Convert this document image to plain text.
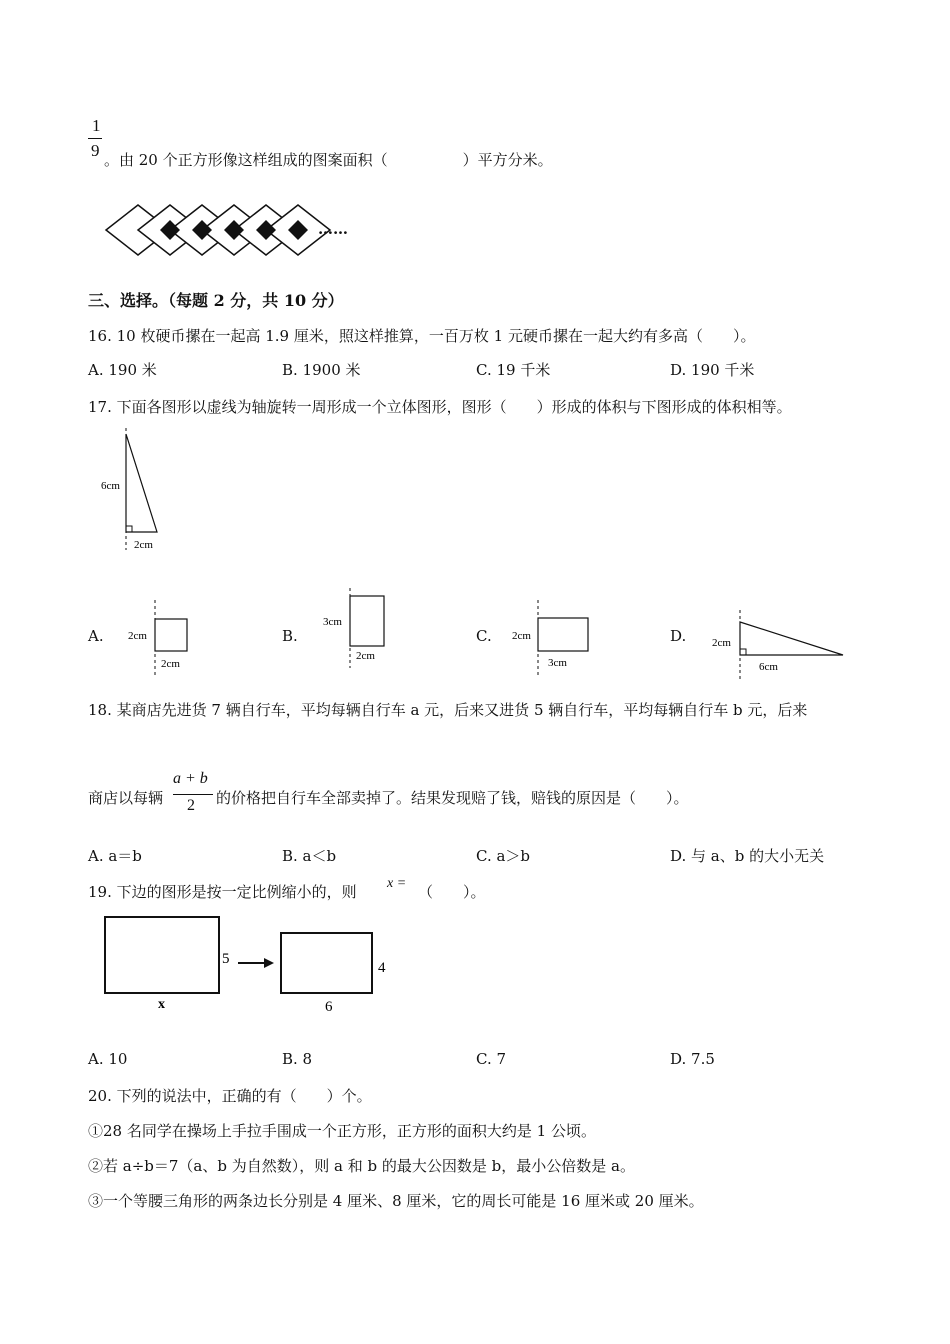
1
9 。由 20 个正方形像这样组成的图案面积（　　　　　）平方分米。
……
三、选择。（每题 2 分，共 10 分）
16. 10 枚硬币摞在一起高 1.9 厘米，照这样推算，一百万枚 1 元硬币摞在一起大约有多高（　　）。
A. 190 米	B. 1900 米	C. 19 千米	D. 190 千米
17. 下面各图形以虚线为轴旋转一周形成一个立体图形，图形（　　）形成的体积与下图形成的体积相等。
6cm
2cm
A. 2cm
2cm
B.
3cm
2cm
C. 2cm
3cm
D. 2cm
6cm
18. 某商店先进货 7 辆自行车，平均每辆自行车 a 元，后来又进货 5 辆自行车，平均每辆自行车 b 元，后来
商店以每辆
a + b
2 的价格把自行车全部卖掉了。结果发现赔了钱，赔钱的原因是（　　）。
A. a＝b	B. a＜b	C. a＞b	D. 与 a、b 的大小无关
19. 下边的图形是按一定比例缩小的，则 x = （　　）。
5
x
4
6
A. 10	B. 8	C. 7	D. 7.5
20. 下列的说法中，正确的有（　　）个。
①28 名同学在操场上手拉手围成一个正方形，正方形的面积大约是 1 公顷。
②若 a÷b＝7（a、b 为自然数），则 a 和 b 的最大公因数是 b，最小公倍数是 a。
③一个等腰三角形的两条边长分别是 4 厘米、8 厘米，它的周长可能是 16 厘米或 20 厘米。
